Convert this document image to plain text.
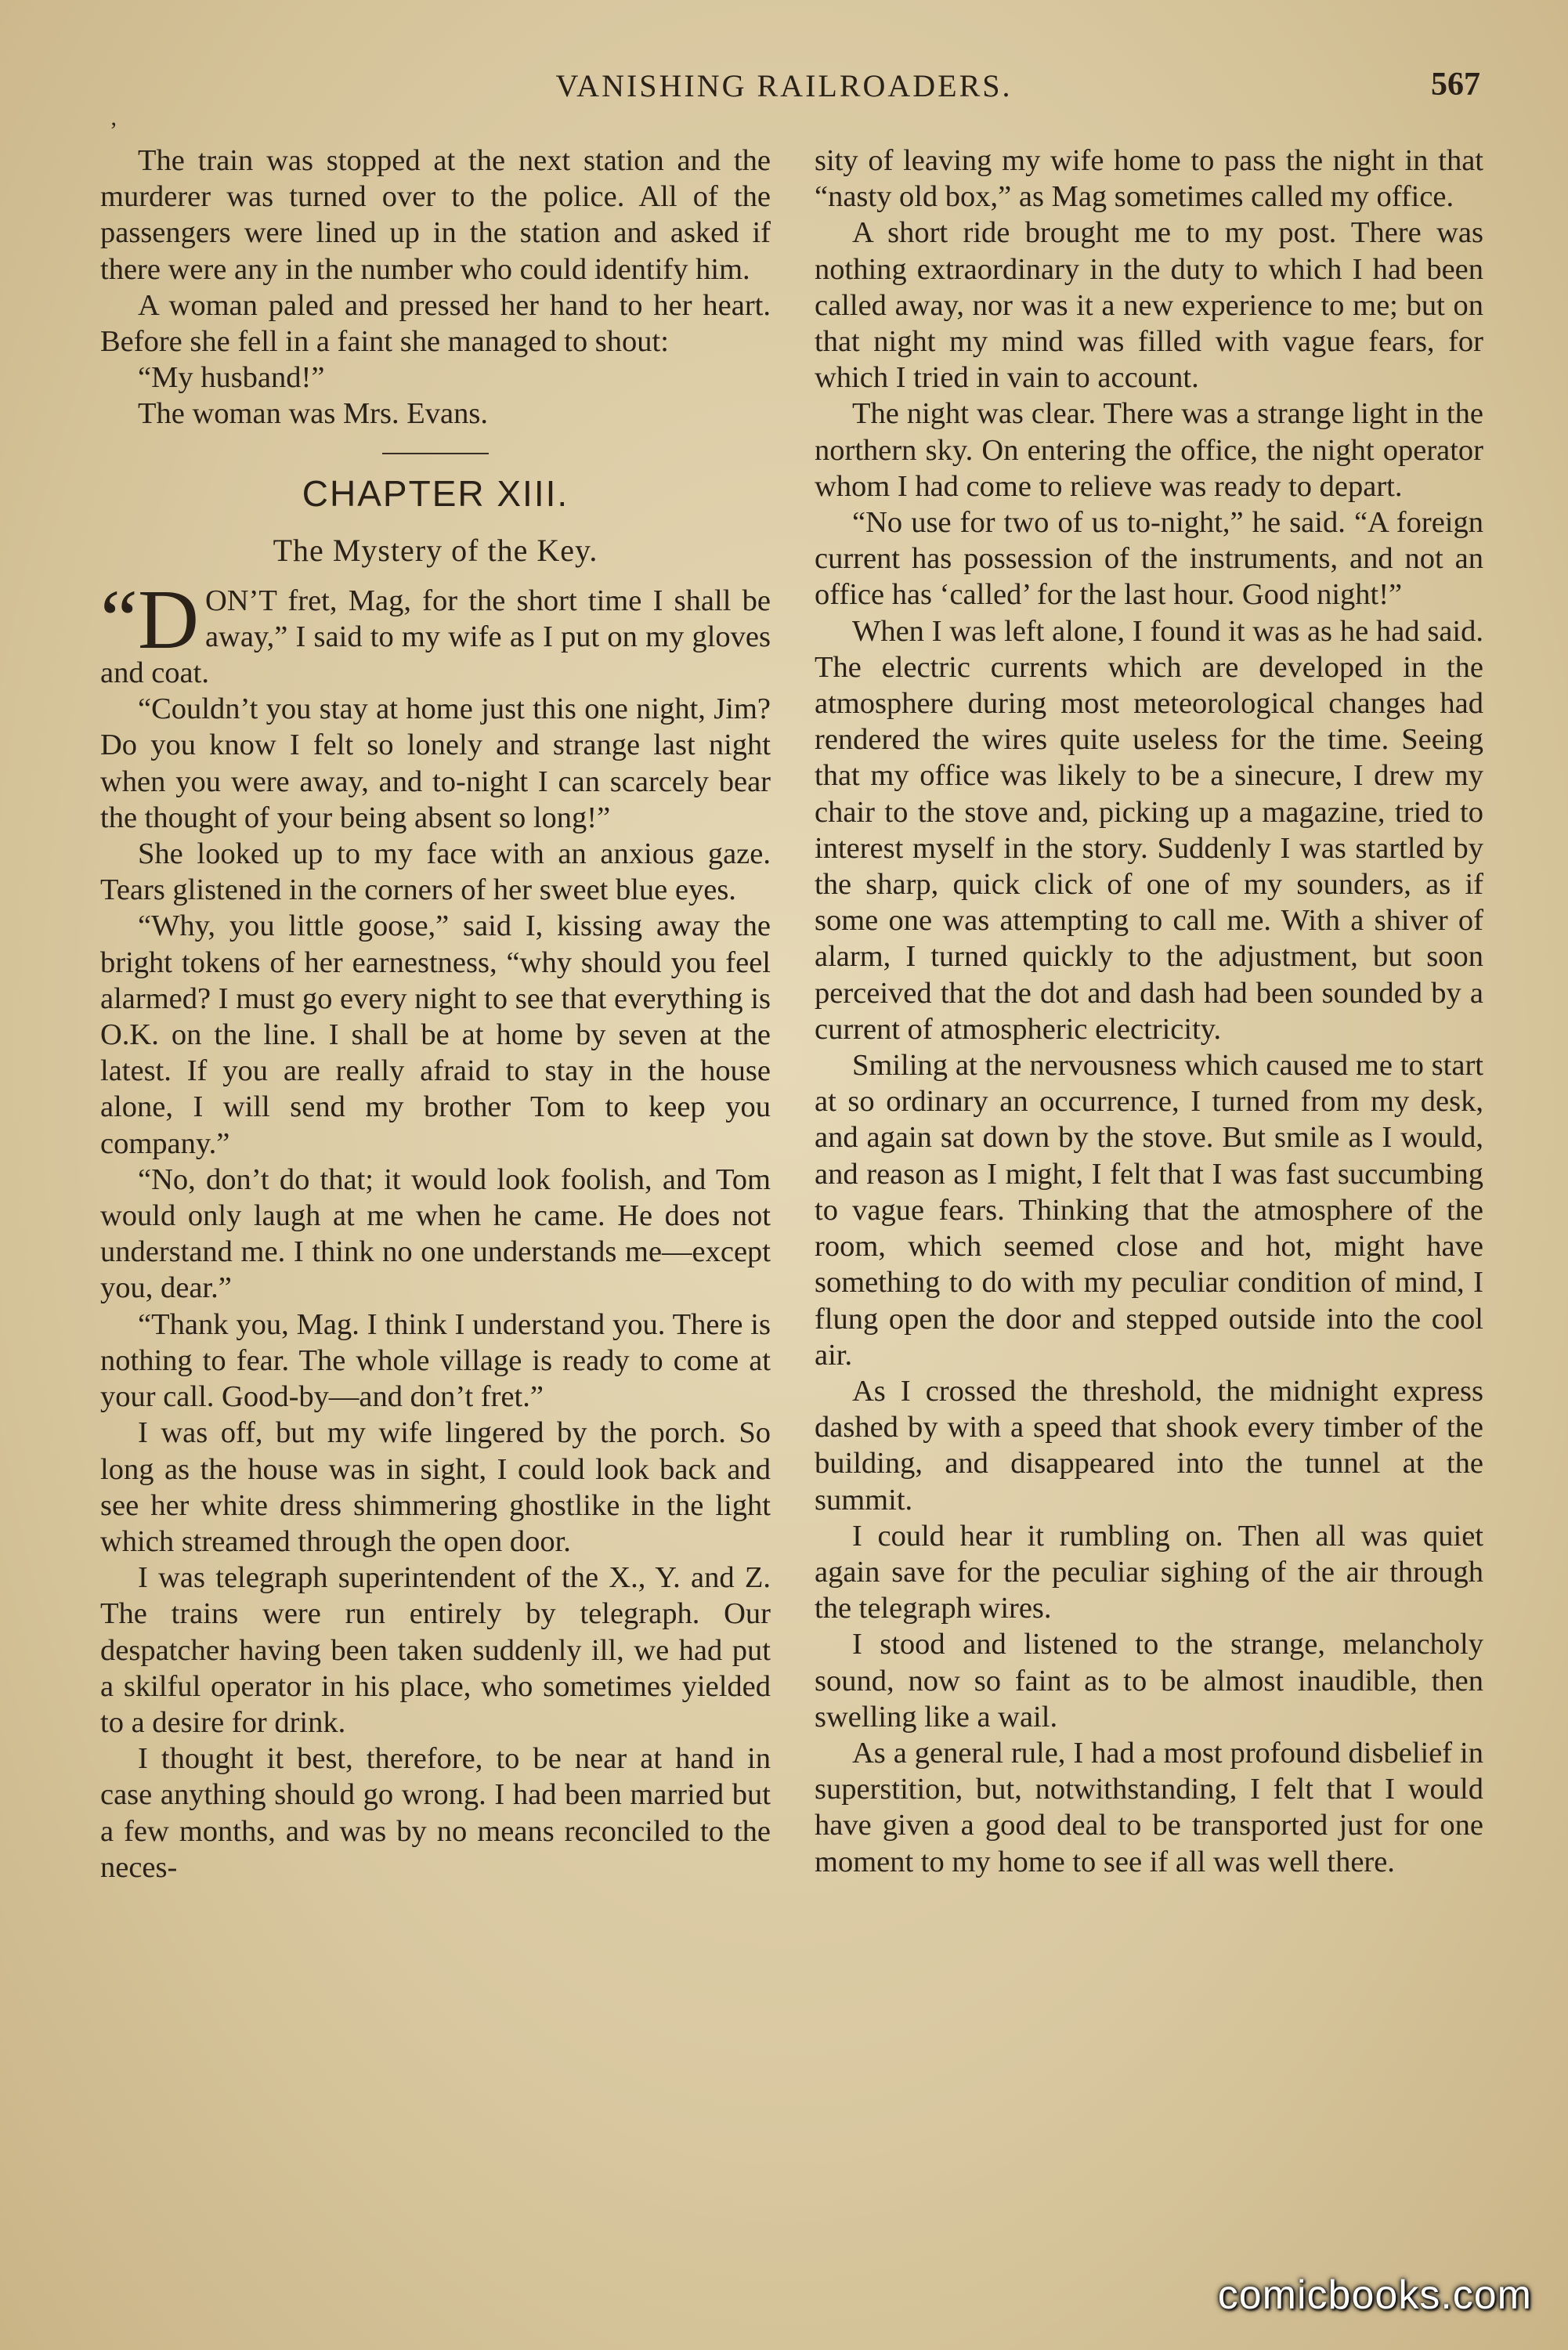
VANISHING RAILROADERS.	567
’

The train was stopped at the next station and the murderer was turned over to the police. All of the passengers were lined up in the station and asked if there were any in the number who could identify him.

A woman paled and pressed her hand to her heart. Before she fell in a faint she managed to shout:

“My husband!”

The woman was Mrs. Evans.

CHAPTER XIII.
The Mystery of the Key.

“D ON’T fret, Mag, for the short time I shall be away,” I said to my wife as I put on my gloves and coat.

“Couldn’t you stay at home just this one night, Jim? Do you know I felt so lonely and strange last night when you were away, and to-night I can scarcely bear the thought of your being absent so long!”

She looked up to my face with an anxious gaze. Tears glistened in the corners of her sweet blue eyes.

“Why, you little goose,” said I, kissing away the bright tokens of her earnestness, “why should you feel alarmed? I must go every night to see that everything is O.K. on the line. I shall be at home by seven at the latest. If you are really afraid to stay in the house alone, I will send my brother Tom to keep you company.”

“No, don’t do that; it would look foolish, and Tom would only laugh at me when he came. He does not understand me. I think no one understands me—except you, dear.”

“Thank you, Mag. I think I understand you. There is nothing to fear. The whole village is ready to come at your call. Good-by—and don’t fret.”

I was off, but my wife lingered by the porch. So long as the house was in sight, I could look back and see her white dress shimmering ghostlike in the light which streamed through the open door.

I was telegraph superintendent of the X., Y. and Z. The trains were run entirely by telegraph. Our despatcher having been taken suddenly ill, we had put a skilful operator in his place, who sometimes yielded to a desire for drink.

I thought it best, therefore, to be near at hand in case anything should go wrong. I had been married but a few months, and was by no means reconciled to the neces-

sity of leaving my wife home to pass the night in that “nasty old box,” as Mag sometimes called my office.

A short ride brought me to my post. There was nothing extraordinary in the duty to which I had been called away, nor was it a new experience to me; but on that night my mind was filled with vague fears, for which I tried in vain to account.

The night was clear. There was a strange light in the northern sky. On entering the office, the night operator whom I had come to relieve was ready to depart.

“No use for two of us to-night,” he said. “A foreign current has possession of the instruments, and not an office has ‘called’ for the last hour. Good night!”

When I was left alone, I found it was as he had said. The electric currents which are developed in the atmosphere during most meteorological changes had rendered the wires quite useless for the time. Seeing that my office was likely to be a sinecure, I drew my chair to the stove and, picking up a magazine, tried to interest myself in the story. Suddenly I was startled by the sharp, quick click of one of my sounders, as if some one was attempting to call me. With a shiver of alarm, I turned quickly to the adjustment, but soon perceived that the dot and dash had been sounded by a current of atmospheric electricity.

Smiling at the nervousness which caused me to start at so ordinary an occurrence, I turned from my desk, and again sat down by the stove. But smile as I would, and reason as I might, I felt that I was fast succumbing to vague fears. Thinking that the atmosphere of the room, which seemed close and hot, might have something to do with my peculiar condition of mind, I flung open the door and stepped outside into the cool air.

As I crossed the threshold, the midnight express dashed by with a speed that shook every timber of the building, and disappeared into the tunnel at the summit.

I could hear it rumbling on. Then all was quiet again save for the peculiar sighing of the air through the telegraph wires.

I stood and listened to the strange, melancholy sound, now so faint as to be almost inaudible, then swelling like a wail.

As a general rule, I had a most profound disbelief in superstition, but, notwithstanding, I felt that I would have given a good deal to be transported just for one moment to my home to see if all was well there.

comicbooks.com
